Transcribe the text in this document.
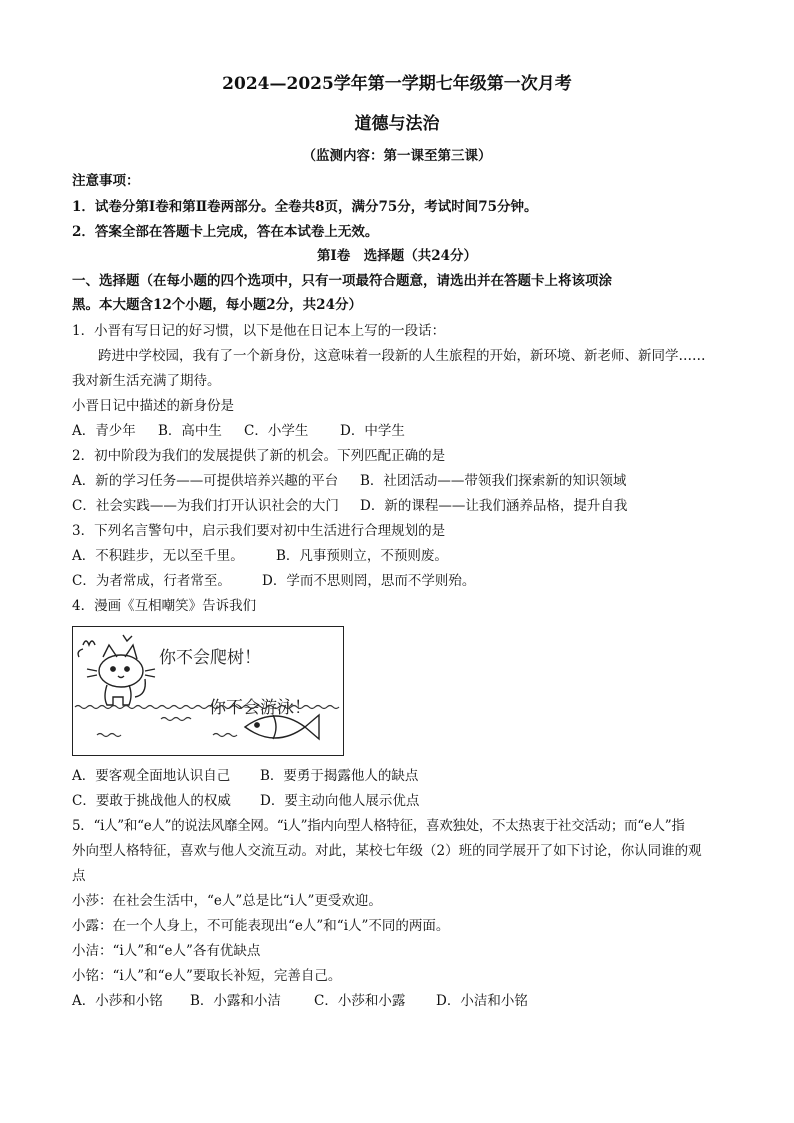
2024—2025学年第一学期七年级第一次月考
道德与法治
（监测内容：第一课至第三课）
注意事项：
1．试卷分第Ⅰ卷和第Ⅱ卷两部分。全卷共8页，满分75分，考试时间75分钟。
2．答案全部在答题卡上完成，答在本试卷上无效。
第Ⅰ卷　选择题（共24分）
一、选择题（在每小题的四个选项中，只有一项最符合题意，请选出并在答题卡上将该项涂
黑。本大题含12个小题，每小题2分，共24分）
1．小晋有写日记的好习惯，以下是他在日记本上写的一段话：
跨进中学校园，我有了一个新身份，这意味着一段新的人生旅程的开始，新环境、新老师、新同学……
我对新生活充满了期待。
小晋日记中描述的新身份是
A．青少年 B．高中生 C．小学生 D．中学生
2．初中阶段为我们的发展提供了新的机会。下列匹配正确的是
A．新的学习任务——可提供培养兴趣的平台 B．社团活动——带领我们探索新的知识领域
C．社会实践——为我们打开认识社会的大门 D．新的课程——让我们涵养品格，提升自我
3．下列名言警句中，启示我们要对初中生活进行合理规划的是
A．不积跬步，无以至千里。 B．凡事预则立，不预则废。
C．为者常成，行者常至。 D．学而不思则罔，思而不学则殆。
4．漫画《互相嘲笑》告诉我们
你不会爬树！
你不会游泳！
A．要客观全面地认识自己 B．要勇于揭露他人的缺点
C．要敢于挑战他人的权威 D．要主动向他人展示优点
5．“i人”和“e人”的说法风靡全网。“i人”指内向型人格特征，喜欢独处，不太热衷于社交活动；而“e人”指
外向型人格特征，喜欢与他人交流互动。对此，某校七年级（2）班的同学展开了如下讨论，你认同谁的观
点
小莎：在社会生活中，“e人”总是比“i人”更受欢迎。
小露：在一个人身上，不可能表现出“e人”和“i人”不同的两面。
小洁：“i人”和“e人”各有优缺点
小铭：“i人”和“e人”要取长补短，完善自己。
A．小莎和小铭 B．小露和小洁 C．小莎和小露 D．小洁和小铭
